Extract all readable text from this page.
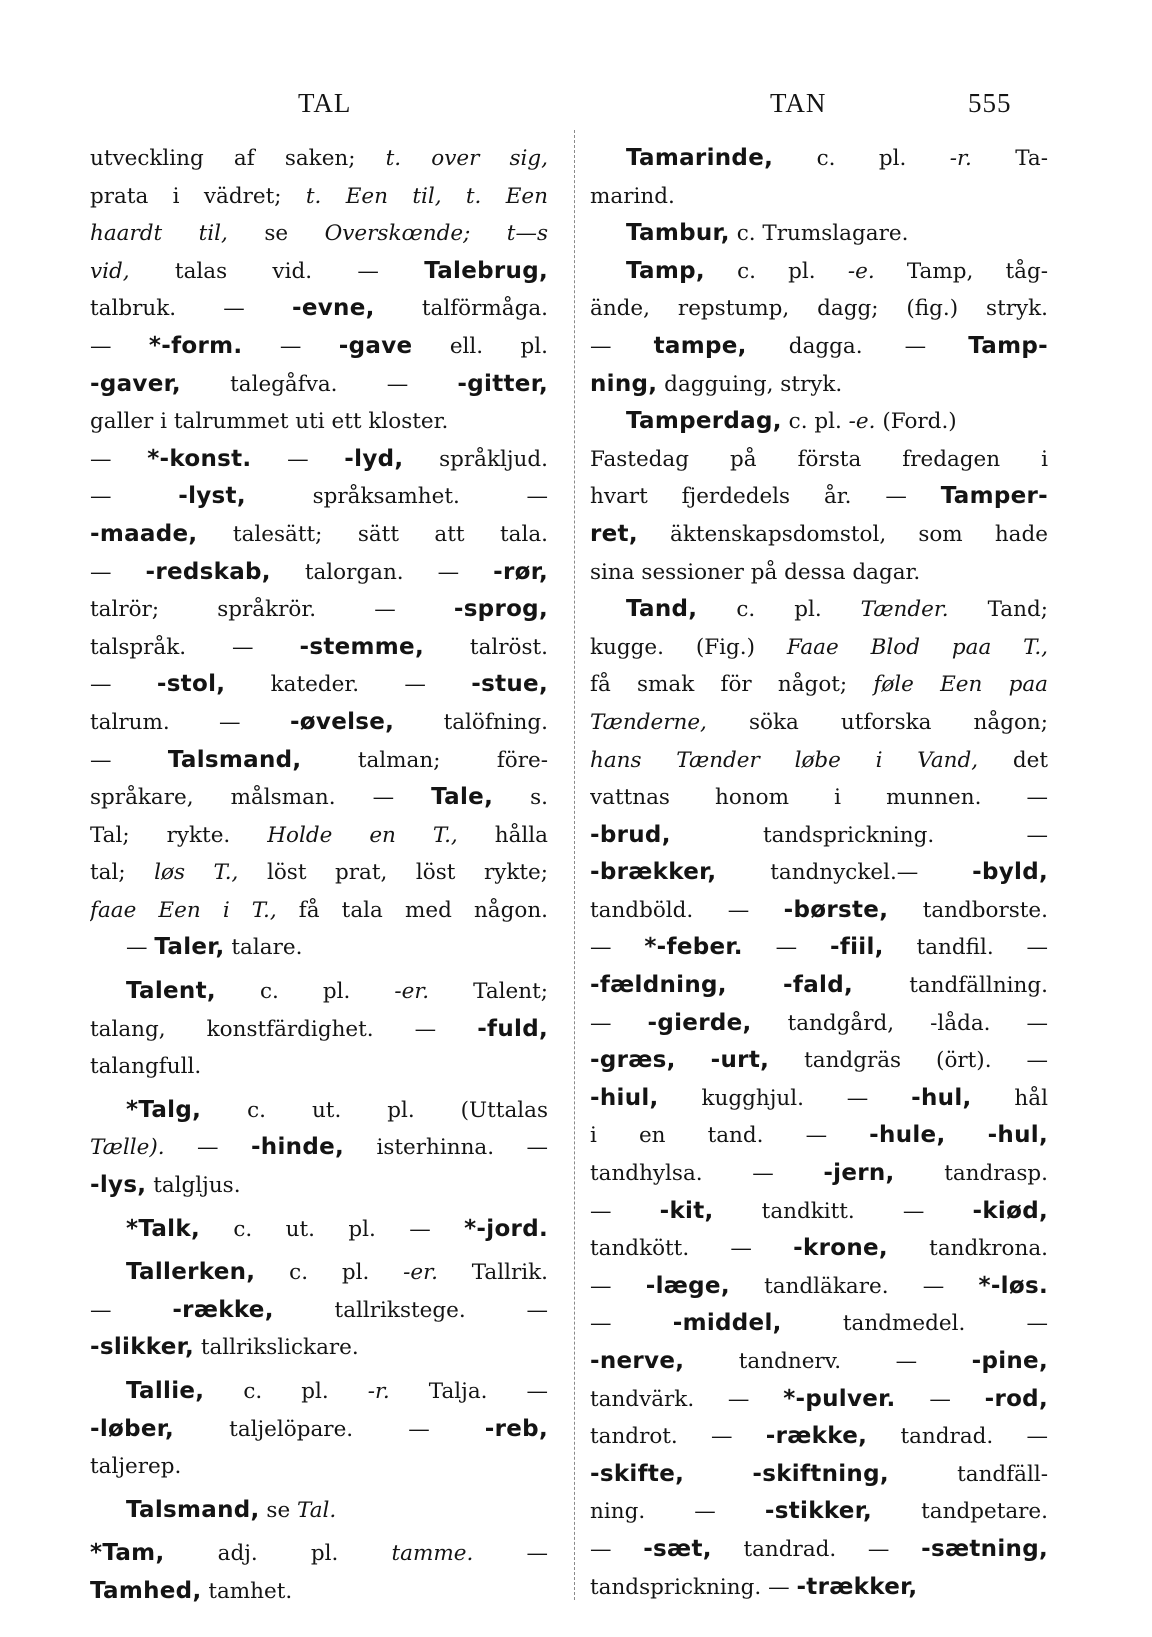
TAL	TAN	555
utveckling af saken; t. over sig,
prata i vädret; t. Een til, t. Een
haardt til, se Overskœnde; t—s
vid, talas vid. — Talebrug,
talbruk. — -evne, talförmåga.
— *-form. — -gave ell. pl.
-gaver, talegåfva. — -gitter,
galler i talrummet uti ett kloster.
— *-konst. — -lyd, språkljud.
— -lyst, språksamhet. —
-maade, talesätt; sätt att tala.
— -redskab, talorgan. — -rør,
talrör; språkrör. — -sprog,
talspråk. — -stemme, talröst.
— -stol, kateder. — -stue,
talrum. — -øvelse, talöfning.
— Talsmand, talman; före-
språkare, målsman. — Tale, s.
Tal; rykte. Holde en T., hålla
tal; løs T., löst prat, löst rykte;
faae Een i T., få tala med någon.
— Taler, talare.
Talent, c. pl. -er. Talent;
talang, konstfärdighet. — -fuld,
talangfull.
*Talg, c. ut. pl. (Uttalas
Tælle). — -hinde, isterhinna. —
-lys, talgljus.
*Talk, c. ut. pl. — *-jord.
Tallerken, c. pl. -er. Tallrik.
— -række, tallrikstege. —
-slikker, tallrikslickare.
Tallie, c. pl. -r. Talja. —
-løber, taljelöpare. — -reb,
taljerep.
Talsmand, se Tal.
*Tam, adj. pl. tamme. —
Tamhed, tamhet.
Tamarinde, c. pl. -r. Ta-
marind.
Tambur, c. Trumslagare.
Tamp, c. pl. -e. Tamp, tåg-
ände, repstump, dagg; (fig.) stryk.
— tampe, dagga. — Tamp-
ning, dagguing, stryk.
Tamperdag, c. pl. -e. (Ford.)
Fastedag på första fredagen i
hvart fjerdedels år. — Tamper-
ret, äktenskapsdomstol, som hade
sina sessioner på dessa dagar.
Tand, c. pl. Tænder. Tand;
kugge. (Fig.) Faae Blod paa T.,
få smak för något; føle Een paa
Tænderne, söka utforska någon;
hans Tænder løbe i Vand, det
vattnas honom i munnen. —
-brud, tandsprickning. —
-brækker, tandnyckel.— -byld,
tandböld. — -børste, tandborste.
— *-feber. — -fiil, tandfil. —
-fældning, -fald, tandfällning.
— -gierde, tandgård, -låda. —
-græs, -urt, tandgräs (ört). —
-hiul, kugghjul. — -hul, hål
i en tand. — -hule, -hul,
tandhylsa. — -jern, tandrasp.
— -kit, tandkitt. — -kiød,
tandkött. — -krone, tandkrona.
— -læge, tandläkare. — *-løs.
— -middel, tandmedel. —
-nerve, tandnerv. — -pine,
tandvärk. — *-pulver. — -rod,
tandrot. — -række, tandrad. —
-skifte,	-skiftning, tandfäll-
ning. — -stikker, tandpetare.
— -sæt, tandrad. — -sætning,
tandsprickning. — -trækker,
